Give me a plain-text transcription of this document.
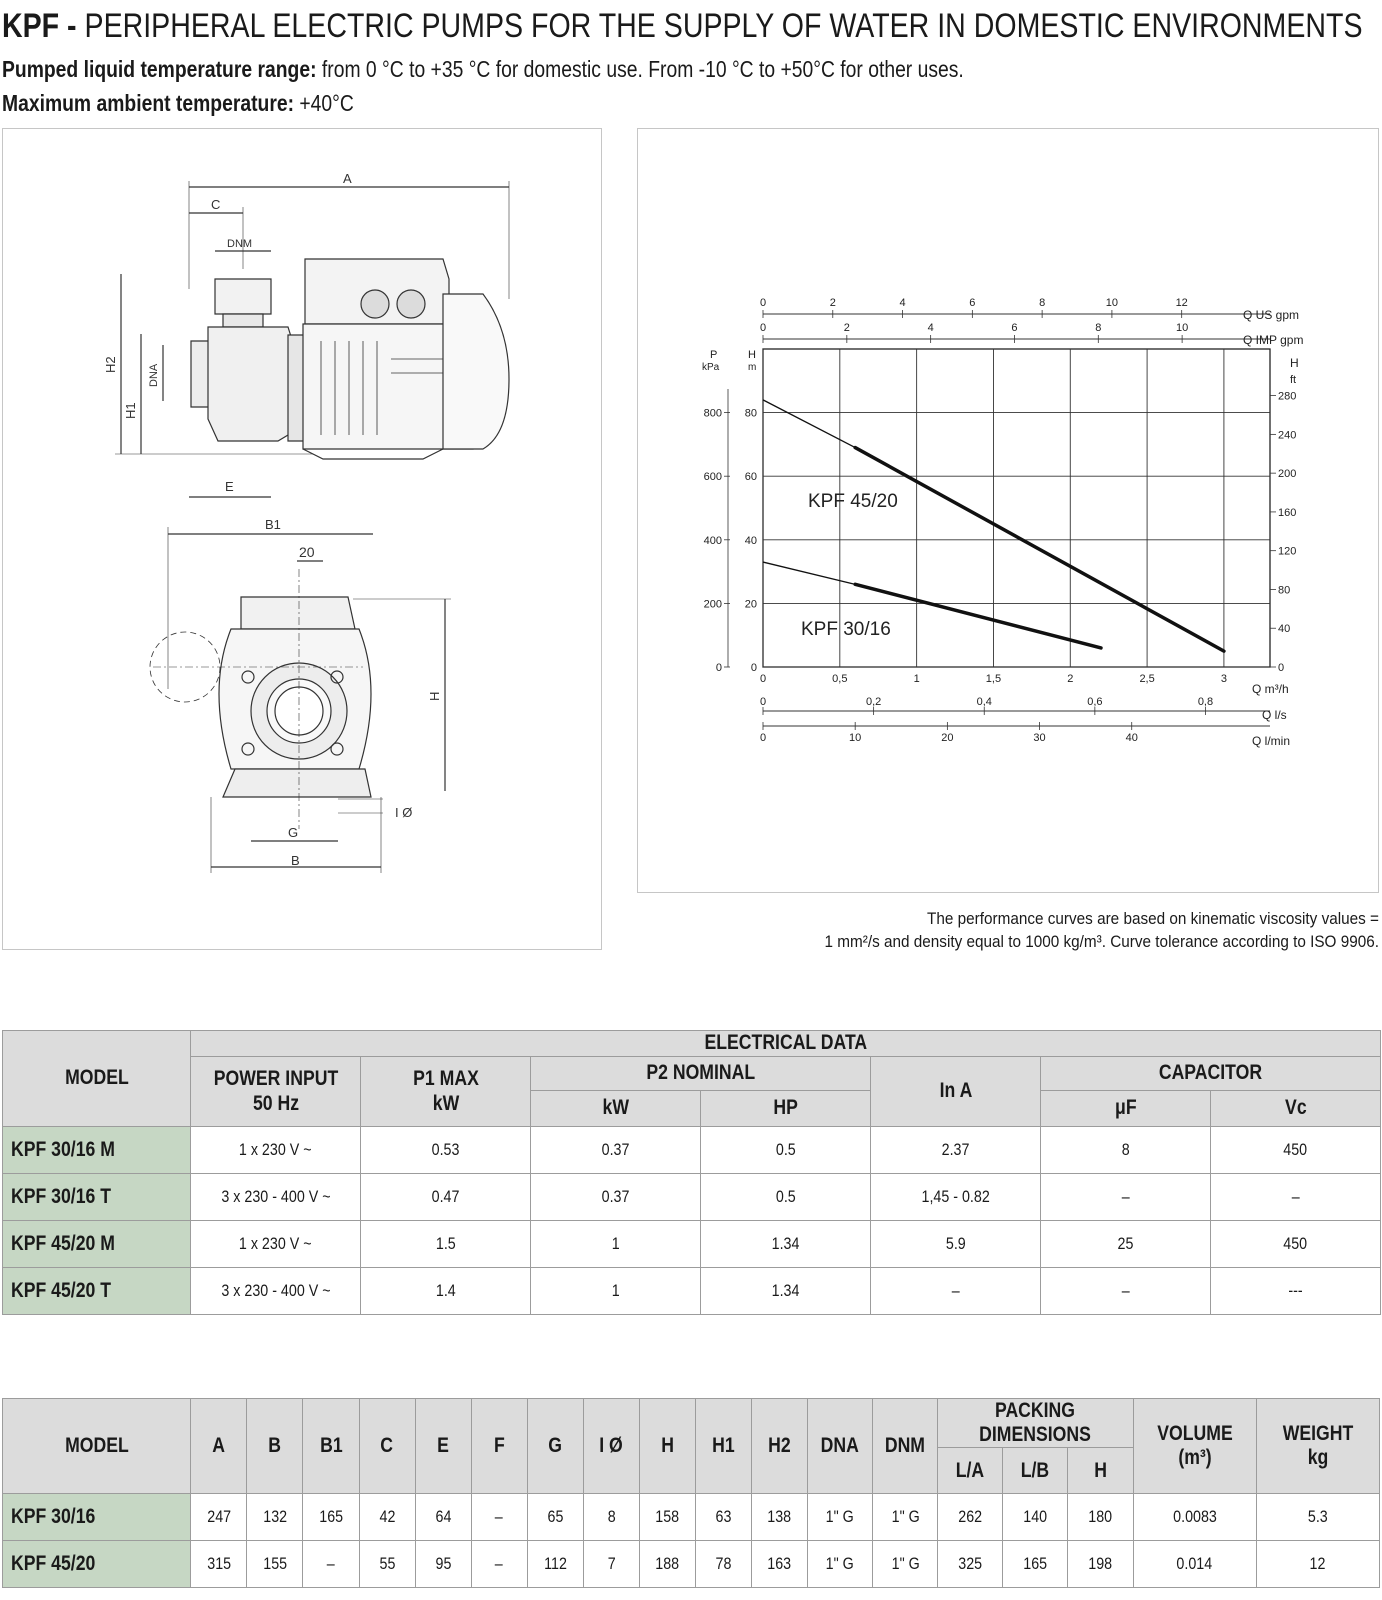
KPF - PERIPHERAL ELECTRIC PUMPS FOR THE SUPPLY OF WATER IN DOMESTIC ENVIRONMENTS
Pumped liquid temperature range: from 0 °C to +35 °C for domestic use. From -10 °C to +50°C for other uses.
Maximum ambient temperature: +40°C
A
C
DNM
H2
H1
DNA
E
B1
20
H
I Ø
G
B
0	0,5	1	1,5	2	2,5	3
0
0
20
200
40
400
60
600
80
800
0
40
80
120
160
200
240
280
0	2	4	6	8	10	12
0	2	4	6	8	10
0	0,2	0,4	0,6	0,8
0	10	20	30	40
P
kPa
H
m	H
ft
Q US gpm
Q IMP gpm
Q m³/h
Q l/s
Q l/min
KPF 45/20
KPF 30/16
The performance curves are based on kinematic viscosity values =
1 mm²/s and density equal to 1000 kg/m³. Curve tolerance according to ISO 9906.
MODEL	ELECTRICAL DATA						
	POWER INPUT 50 Hz	P1 MAX kW	P2 NOMINAL		In A	CAPACITOR	
			kW	HP		μF	Vc
KPF 30/16 M	1 x 230 V ~	0.53	0.37	0.5	2.37	8	450
KPF 30/16 T	3 x 230 - 400 V ~	0.47	0.37	0.5	1,45 - 0.82	–	–
KPF 45/20 M	1 x 230 V ~	1.5	1	1.34	5.9	25	450
KPF 45/20 T	3 x 230 - 400 V ~	1.4	1	1.34	–	–	---
MODEL	A	B	B1	C	E	F	G	I Ø	H	H1	H2	DNA	DNM	PACKING DIMENSIONS			VOLUME (m³)	WEIGHT kg
														L/A	L/B	H		
KPF 30/16	247	132	165	42	64	–	65	8	158	63	138	1" G	1" G	262	140	180	0.0083	5.3
KPF 45/20	315	155	–	55	95	–	112	7	188	78	163	1" G	1" G	325	165	198	0.014	12
